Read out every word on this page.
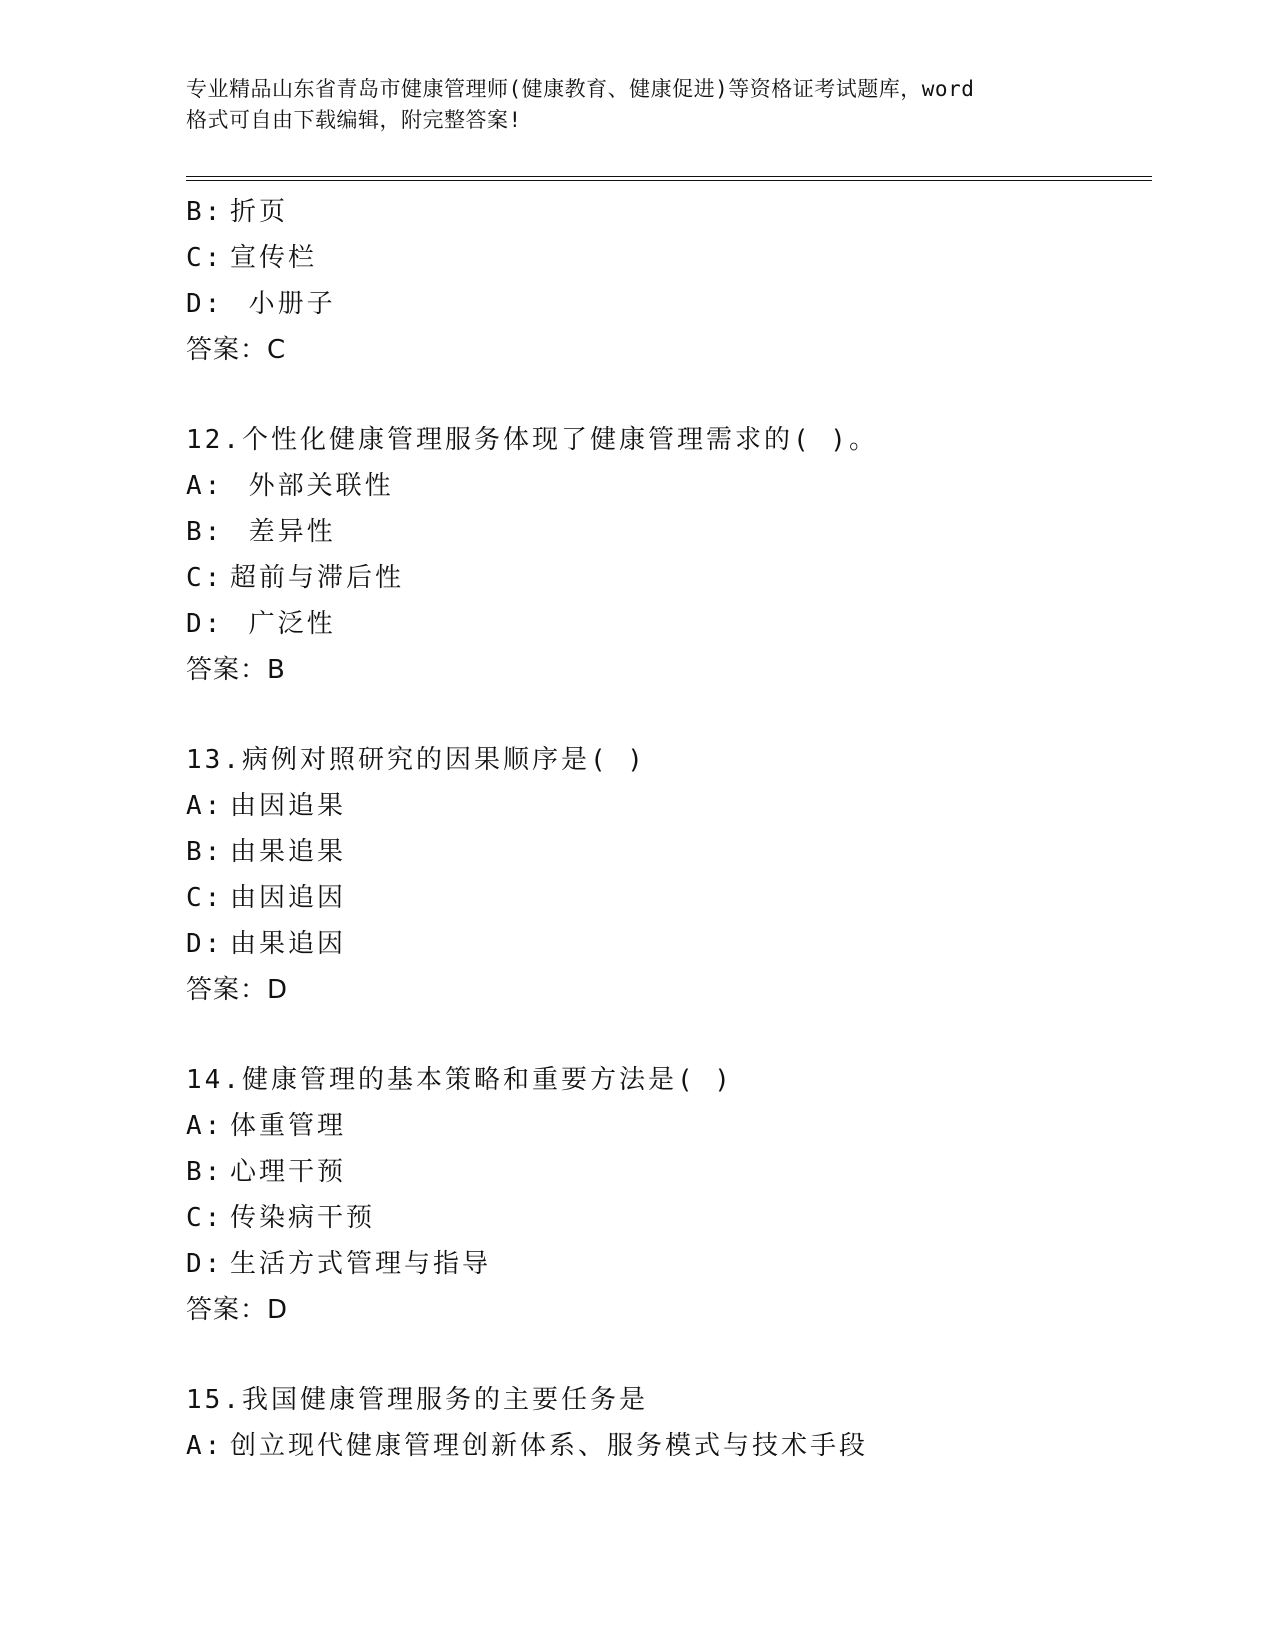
专业精品山东省青岛市健康管理师(健康教育、健康促进)等资格证考试题库，word
格式可自由下载编辑，附完整答案!
B: 折页
C: 宣传栏
D: 小册子
答案：C
12.个性化健康管理服务体现了健康管理需求的( )。
A: 外部关联性
B: 差异性
C: 超前与滞后性
D: 广泛性
答案：B
13.病例对照研究的因果顺序是( )
A: 由因追果
B: 由果追果
C: 由因追因
D: 由果追因
答案：D
14.健康管理的基本策略和重要方法是( )
A: 体重管理
B: 心理干预
C: 传染病干预
D: 生活方式管理与指导
答案：D
15.我国健康管理服务的主要任务是
A: 创立现代健康管理创新体系、服务模式与技术手段
